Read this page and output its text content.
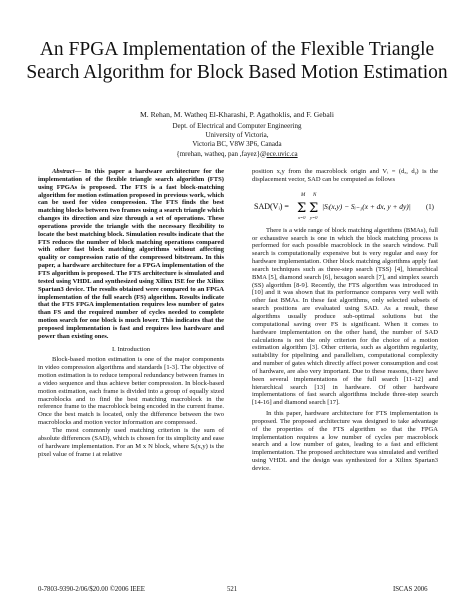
An FPGA Implementation of the Flexible Triangle
Search Algorithm for Block Based Motion Estimation
M. Rehan, M. Watheq El-Kharashi, P. Agathoklis, and F. Gebali
Dept. of Electrical and Computer Engineering
University of Victoria,
Victoria BC, V8W 3P6, Canada
{mrehan, watheq, pan ,fayez}@ece.uvic.ca

Abstract— In this paper a hardware architecture for the implementation of the flexible triangle search algorithm (FTS) using FPGAs is proposed. The FTS is a fast block-matching algorithm for motion estimation proposed in previous work, which can be used for video compression. The FTS finds the best matching blocks between two frames using a search triangle which changes its direction and size through a set of operations. These operations provide the triangle with the necessary flexibility to locate the best matching block. Simulation results indicate that the FTS reduces the number of block matching operations compared with other fast block matching algorithms without affecting quality or compression ratio of the compressed bitstream. In this paper, a hardware architecture for a FPGA implementation of the FTS algorithm is proposed. The FTS architecture is simulated and tested using VHDL and synthesized using Xilinx ISE for the Xilinx Spartan3 device. The results obtained were compared to an FPGA implementation of the full search (FS) algorithm. Results indicate that the FTS FPGA implementation requires less number of gates than FS and the required number of cycles needed to complete motion search for one block is much lower. This indicates that the proposed implementation is fast and requires less hardware and power than existing ones.

I. Introduction

Block-based motion estimation is one of the major components in video compression algorithms and standards [1-3]. The objective of motion estimation is to reduce temporal redundancy between frames in a video sequence and thus achieve better compression. In block-based motion estimation, each frame is divided into a group of equally sized macroblocks and to find the best matching macroblock in the reference frame to the macroblock being encoded in the current frame. Once the best match is located, only the difference between the two macroblocks and motion vector information are compressed.

The most commonly used matching criterion is the sum of absolute differences (SAD), which is chosen for its simplicity and ease of hardware implementation. For an M x N block, where Sᵢ(x,y) is the pixel value of frame i at relative

position x,y from the macroblock origin and Vᵢ = (dₓ, dᵧ) is the displacement vector, SAD can be computed as follows

SAD(Vᵢ) =
M
Σ
x=0
N
Σ
y=0
|Sᵢ(x,y) − Sᵢ₋₁(x + dx, y + dy)| (1)

There is a wide range of block matching algorithms (BMAs), full or exhaustive search is one in which the block matching process is performed for each possible macroblock in the search window. Full search is computationally expensive but is very regular and easy for hardware implementation. Other block matching algorithms apply fast search techniques such as three-step search (TSS) [4], hierarchical BMA [5], diamond search [6], hexagon search [7], and simplex search (SS) algorithm [8-9]. Recently, the FTS algorithm was introduced in [10] and it was shown that its performance compares very well with other fast BMAs. In these fast algorithms, only selected subsets of search positions are evaluated using SAD. As a result, these algorithms usually produce sub-optimal solutions but the computational saving over FS is significant. When it comes to hardware implementation on the other hand, the number of SAD calculations is not the only criterion for the choice of a motion estimation algorithm [3]. Other criteria, such as algorithm regularity, suitability for pipelining and parallelism, computational complexity and number of gates which directly affect power consumption and cost of hardware, are also very important. Due to these reasons, there have been several implementations of the full search [11-12] and hierarchical search [13] in hardware. Of other hardware implementations of fast search algorithms include three-step search [14-16] and diamond search [17].

In this paper, hardware architecture for FTS implementation is proposed. The proposed architecture was designed to take advantage of the properties of the FTS algorithm so that the FPGA implementation requires a low number of cycles per macroblock search and a low number of gates, leading to a fast and efficient implementation. The proposed architecture was simulated and verified using VHDL and the design was synthesized for a Xilinx Spartan3 device.

0-7803-9390-2/06/$20.00 ©2006 IEEE	521	ISCAS 2006
